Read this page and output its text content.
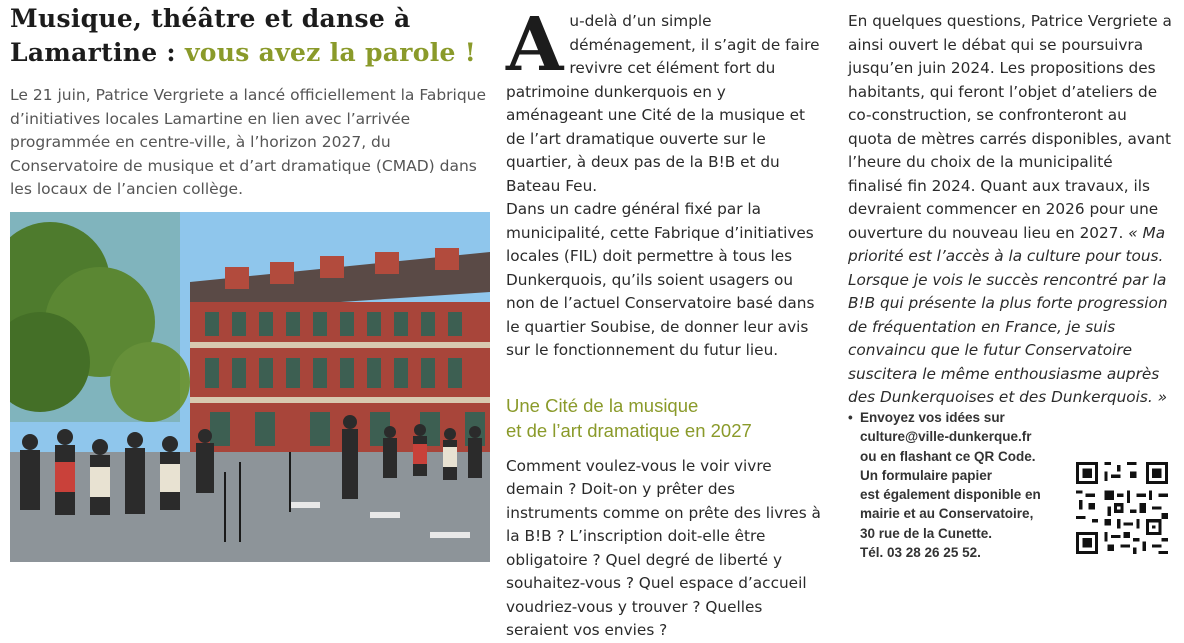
Musique, théâtre et danse à Lamartine : vous avez la parole !

Le 21 juin, Patrice Vergriete a lancé officiellement la Fabrique d’initiatives locales Lamartine en lien avec l’arrivée programmée en centre-ville, à l’horizon 2027, du Conservatoire de musique et d’art dramatique (CMAD) dans les locaux de l’ancien collège.

Au-delà d’un simple déménagement, il s’agit de faire revivre cet élément fort du patrimoine dunkerquois en y aménageant une Cité de la musique et de l’art dramatique ouverte sur le quartier, à deux pas de la B!B et du Bateau Feu.

Dans un cadre général fixé par la municipalité, cette Fabrique d’initiatives locales (FIL) doit permettre à tous les Dunkerquois, qu’ils soient usagers ou non de l’actuel Conservatoire basé dans le quartier Soubise, de donner leur avis sur le fonctionnement du futur lieu.

Une Cité de la musique
et de l’art dramatique en 2027

Comment voulez-vous le voir vivre demain ? Doit-on y prêter des instruments comme on prête des livres à la B!B ? L’inscription doit-elle être obligatoire ? Quel degré de liberté y souhaitez-vous ? Quel espace d’accueil voudriez-vous y trouver ? Quelles seraient vos envies ?

En quelques questions, Patrice Vergriete a ainsi ouvert le débat qui se poursuivra jusqu’en juin 2024. Les propositions des habitants, qui feront l’objet d’ateliers de co-construction, se confronteront au quota de mètres carrés disponibles, avant l’heure du choix de la municipalité finalisé fin 2024. Quant aux travaux, ils devraient commencer en 2026 pour une ouverture du nouveau lieu en 2027. « Ma priorité est l’accès à la culture pour tous. Lorsque je vois le succès rencontré par la B!B qui présente la plus forte progression de fréquentation en France, je suis convaincu que le futur Conservatoire suscitera le même enthousiasme auprès des Dunkerquoises et des Dunkerquois. »

• Envoyez vos idées sur
culture@ville-dunkerque.fr
ou en flashant ce QR Code.
Un formulaire papier
est également disponible en
mairie et au Conservatoire,
30 rue de la Cunette.
Tél. 03 28 26 25 52.
